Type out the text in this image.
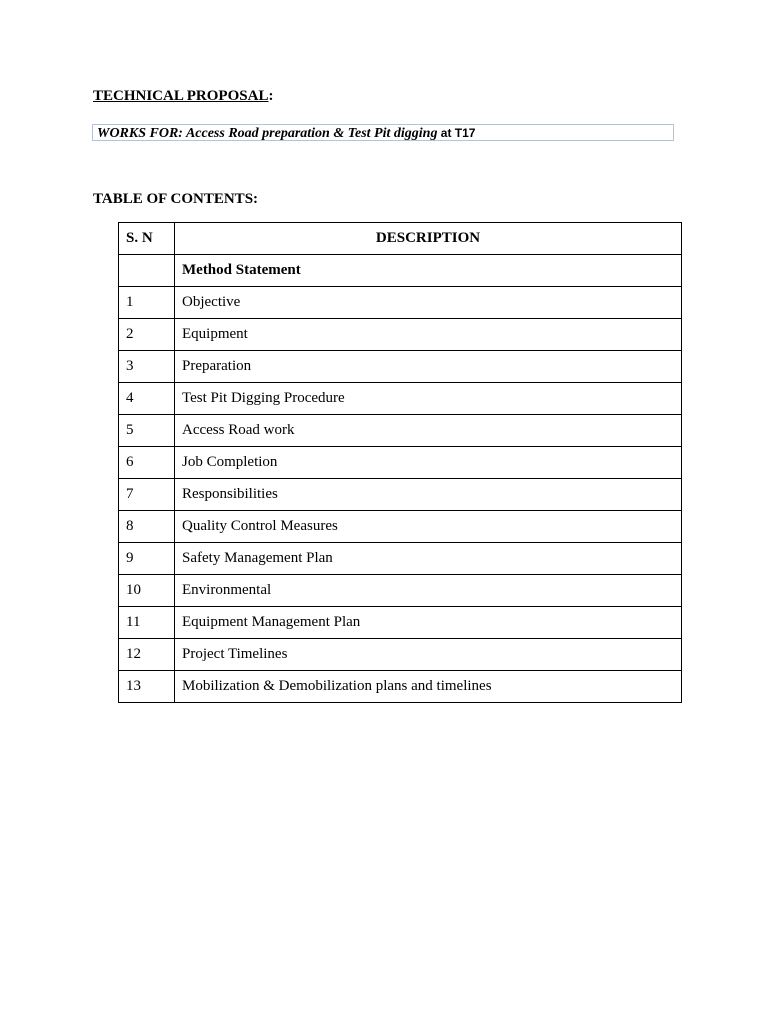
TECHNICAL PROPOSAL:
WORKS FOR: Access Road preparation & Test Pit digging at T17
TABLE OF CONTENTS:
S. N	DESCRIPTION
	Method Statement
1	Objective
2	Equipment
3	Preparation
4	Test Pit Digging Procedure
5	Access Road work
6	Job Completion
7	Responsibilities
8	Quality Control Measures
9	Safety Management Plan
10	Environmental
11	Equipment Management Plan
12	Project Timelines
13	Mobilization & Demobilization plans and timelines
